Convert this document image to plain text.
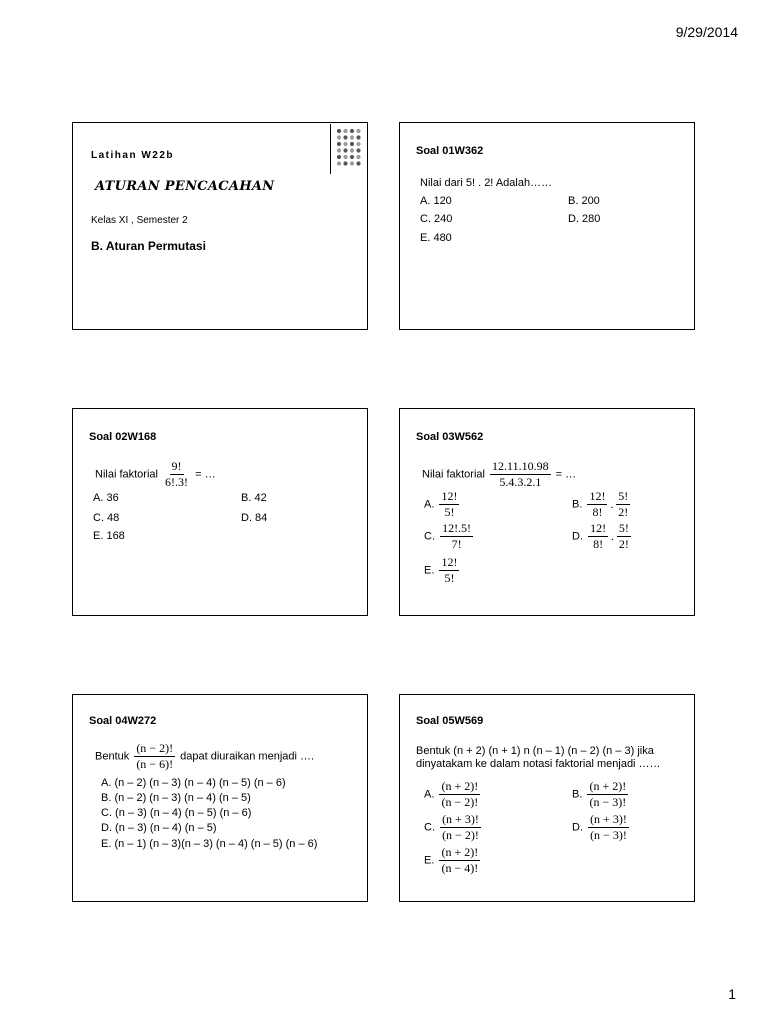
9/29/2014
Latihan W22b
ATURAN PENCACAHAN
Kelas XI , Semester 2
B. Aturan Permutasi
Soal 01W362
Nilai dari 5! . 2! Adalah……
A. 120	B. 200
C. 240	D. 280
E. 480
Soal 02W168
Nilai faktorial $\frac{9!}{6!.3!}$ = …
A. 36	B. 42
C. 48	D. 84
E. 168
Soal 03W562
Nilai faktorial $\frac{12.11.10.98}{5.4.3.2.1}$ = …
A. $\frac{12!}{5!}$	B. $\frac{12!}{8!}$ . $\frac{5!}{2!}$
C. $\frac{12!.5!}{7!}$	D. $\frac{12!}{8!}$ . $\frac{5!}{2!}$
E. $\frac{12!}{5!}$
Soal 04W272
Bentuk $\frac{(n - 2)!}{(n - 6)!}$ dapat diuraikan menjadi ….
A. (n – 2) (n – 3) (n – 4) (n – 5) (n – 6)
B. (n – 2) (n – 3) (n – 4) (n – 5)
C. (n – 3) (n – 4) (n – 5) (n – 6)
D. (n – 3) (n – 4) (n – 5)
E. (n – 1) (n – 3)(n – 3) (n – 4) (n – 5) (n – 6)
Soal 05W569
Bentuk (n + 2) (n + 1) n (n – 1) (n – 2) (n – 3) jika
dinyatakam ke dalam notasi faktorial menjadi ……
A. $\frac{(n + 2)!}{(n - 2)!}$	B. $\frac{(n + 2)!}{(n - 3)!}$
C. $\frac{(n + 3)!}{(n - 2)!}$	D. $\frac{(n + 3)!}{(n - 3)!}$
E. $\frac{(n + 2)!}{(n - 4)!}$
1
